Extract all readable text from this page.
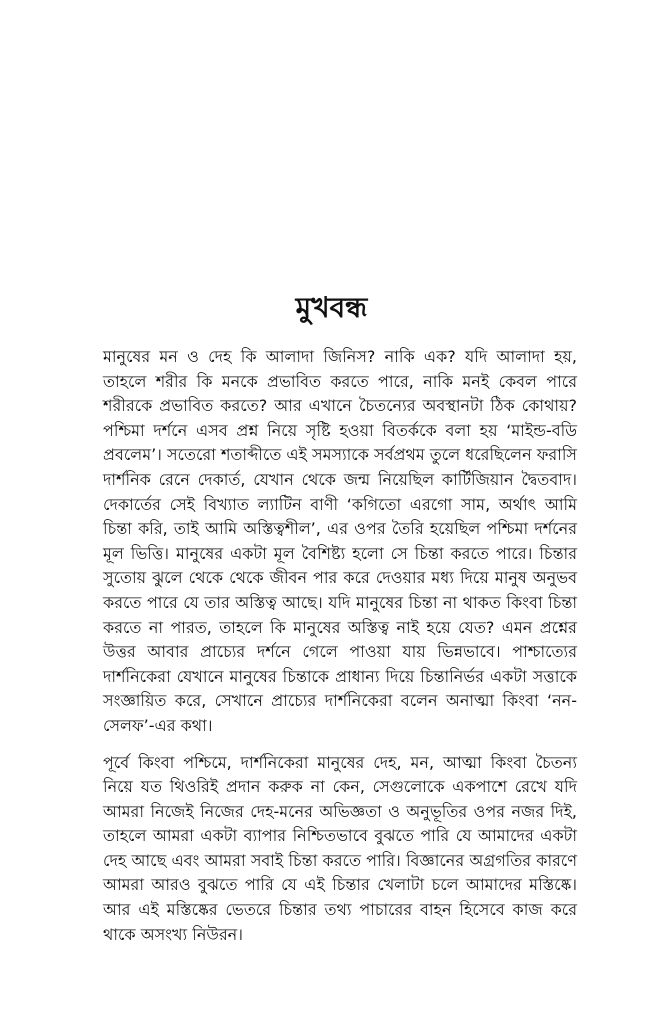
মুখবন্ধ

মানুষের মন ও দেহ কি আলাদা জিনিস? নাকি এক? যদি আলাদা হয়, তাহলে শরীর কি মনকে প্রভাবিত করতে পারে, নাকি মনই কেবল পারে শরীরকে প্রভাবিত করতে? আর এখানে চৈতন্যের অবস্থানটা ঠিক কোথায়? পশ্চিমা দর্শনে এসব প্রশ্ন নিয়ে সৃষ্টি হওয়া বিতর্ককে বলা হয় ‘মাইন্ড-বডি প্রবলেম’। সতেরো শতাব্দীতে এই সমস্যাকে সর্বপ্রথম তুলে ধরেছিলেন ফরাসি দার্শনিক রেনে দেকার্ত, যেখান থেকে জন্ম নিয়েছিল কার্টিজিয়ান দ্বৈতবাদ। দেকার্তের সেই বিখ্যাত ল্যাটিন বাণী ‘কগিতো এরগো সাম, অর্থাৎ আমি চিন্তা করি, তাই আমি অস্তিত্বশীল’, এর ওপর তৈরি হয়েছিল পশ্চিমা দর্শনের মূল ভিত্তি। মানুষের একটা মূল বৈশিষ্ট্য হলো সে চিন্তা করতে পারে। চিন্তার সুতোয় ঝুলে থেকে থেকে জীবন পার করে দেওয়ার মধ্য দিয়ে মানুষ অনুভব করতে পারে যে তার অস্তিত্ব আছে। যদি মানুষের চিন্তা না থাকত কিংবা চিন্তা করতে না পারত, তাহলে কি মানুষের অস্তিত্ব নাই হয়ে যেত? এমন প্রশ্নের উত্তর আবার প্রাচ্যের দর্শনে গেলে পাওয়া যায় ভিন্নভাবে। পাশ্চাত্যের দার্শনিকেরা যেখানে মানুষের চিন্তাকে প্রাধান্য দিয়ে চিন্তানির্ভর একটা সত্তাকে সংজ্ঞায়িত করে, সেখানে প্রাচ্যের দার্শনিকেরা বলেন অনাত্মা কিংবা ‘নন-সেলফ’-এর কথা।

পূর্বে কিংবা পশ্চিমে, দার্শনিকেরা মানুষের দেহ, মন, আত্মা কিংবা চৈতন্য নিয়ে যত থিওরিই প্রদান করুক না কেন, সেগুলোকে একপাশে রেখে যদি আমরা নিজেই নিজের দেহ-মনের অভিজ্ঞতা ও অনুভূতির ওপর নজর দিই, তাহলে আমরা একটা ব্যাপার নিশ্চিতভাবে বুঝতে পারি যে আমাদের একটা দেহ আছে এবং আমরা সবাই চিন্তা করতে পারি। বিজ্ঞানের অগ্রগতির কারণে আমরা আরও বুঝতে পারি যে এই চিন্তার খেলাটা চলে আমাদের মস্তিষ্কে। আর এই মস্তিষ্কের ভেতরে চিন্তার তথ্য পাচারের বাহন হিসেবে কাজ করে থাকে অসংখ্য নিউরন।
